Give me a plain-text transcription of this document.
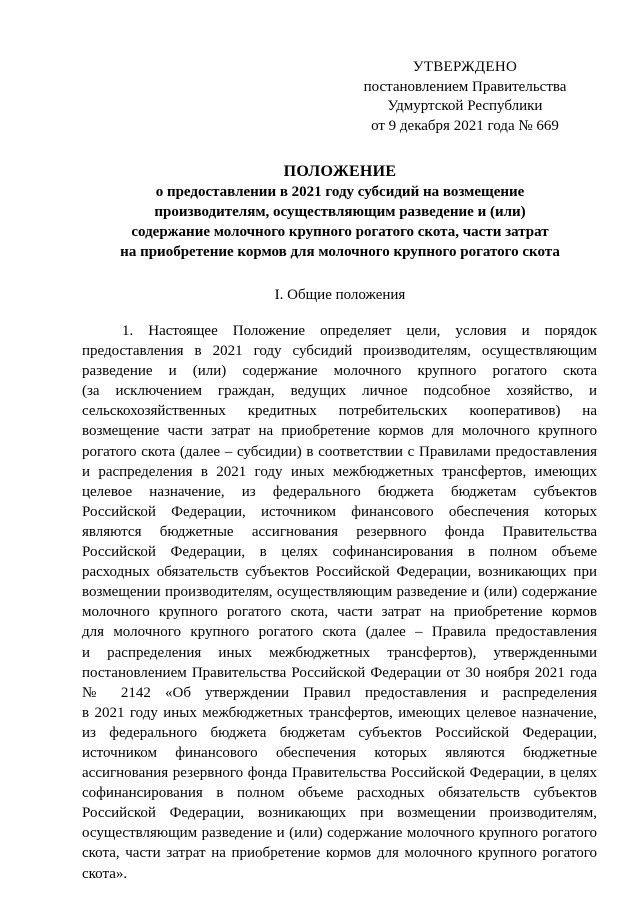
УТВЕРЖДЕНО
постановлением Правительства
Удмуртской Республики
от 9 декабря 2021 года № 669
ПОЛОЖЕНИЕ
о предоставлении в 2021 году субсидий на возмещение
производителям, осуществляющим разведение и (или)
содержание молочного крупного рогатого скота, части затрат
на приобретение кормов для молочного крупного рогатого скота
I. Общие положения
1. Настоящее Положение определяет цели, условия и порядок
предоставления в 2021 году субсидий производителям, осуществляющим
разведение и (или) содержание молочного крупного рогатого скота
(за исключением граждан, ведущих личное подсобное хозяйство, и
сельскохозяйственных кредитных потребительских кооперативов) на
возмещение части затрат на приобретение кормов для молочного крупного
рогатого скота (далее – субсидии) в соответствии с Правилами предоставления
и распределения в 2021 году иных межбюджетных трансфертов, имеющих
целевое назначение, из федерального бюджета бюджетам субъектов
Российской Федерации, источником финансового обеспечения которых
являются бюджетные ассигнования резервного фонда Правительства
Российской Федерации, в целях софинансирования в полном объеме
расходных обязательств субъектов Российской Федерации, возникающих при
возмещении производителям, осуществляющим разведение и (или) содержание
молочного крупного рогатого скота, части затрат на приобретение кормов
для молочного крупного рогатого скота (далее – Правила предоставления
и распределения иных межбюджетных трансфертов), утвержденными
постановлением Правительства Российской Федерации от 30 ноября 2021 года
№ 2142 «Об утверждении Правил предоставления и распределения
в 2021 году иных межбюджетных трансфертов, имеющих целевое назначение,
из федерального бюджета бюджетам субъектов Российской Федерации,
источником финансового обеспечения которых являются бюджетные
ассигнования резервного фонда Правительства Российской Федерации, в целях
софинансирования в полном объеме расходных обязательств субъектов
Российской Федерации, возникающих при возмещении производителям,
осуществляющим разведение и (или) содержание молочного крупного рогатого
скота, части затрат на приобретение кормов для молочного крупного рогатого
скота».
